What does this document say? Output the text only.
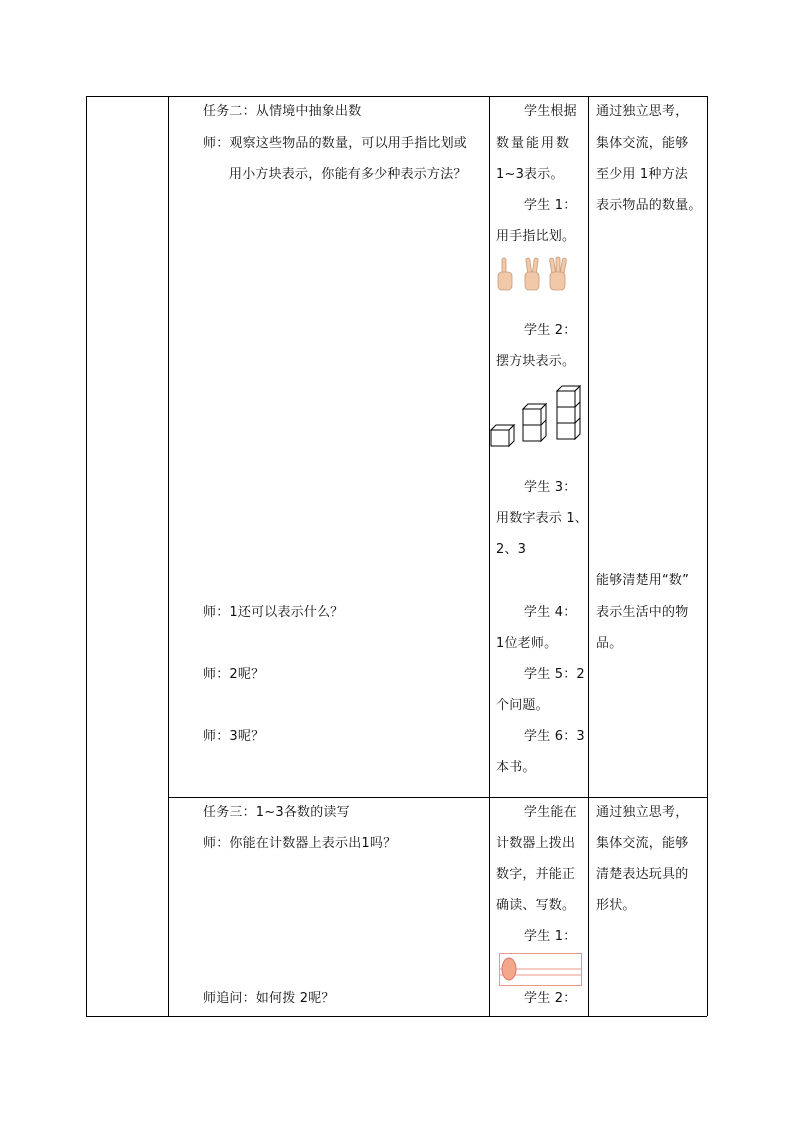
任务二：从情境中抽象出数
师：观察这些物品的数量，可以用手指比划或
用小方块表示，你能有多少种表示方法？
师：1还可以表示什么？
师：2呢？
师：3呢？
学生根据
数量能用数
1~3表示。
学生 1：
用手指比划。
学生 2：
摆方块表示。
学生 3：
用数字表示 1、
2、3
学生 4：
1位老师。
学生 5：2
个问题。
学生 6：3
本书。
通过独立思考，
集体交流，能够
至少用 1种方法
表示物品的数量。
能够清楚用“数”
表示生活中的物
品。
任务三：1~3各数的读写
师：你能在计数器上表示出1吗？
师追问：如何拨 2呢？
学生能在
计数器上拨出
数字，并能正
确读、写数。
学生 1：
学生 2：
通过独立思考，
集体交流，能够
清楚表达玩具的
形状。
